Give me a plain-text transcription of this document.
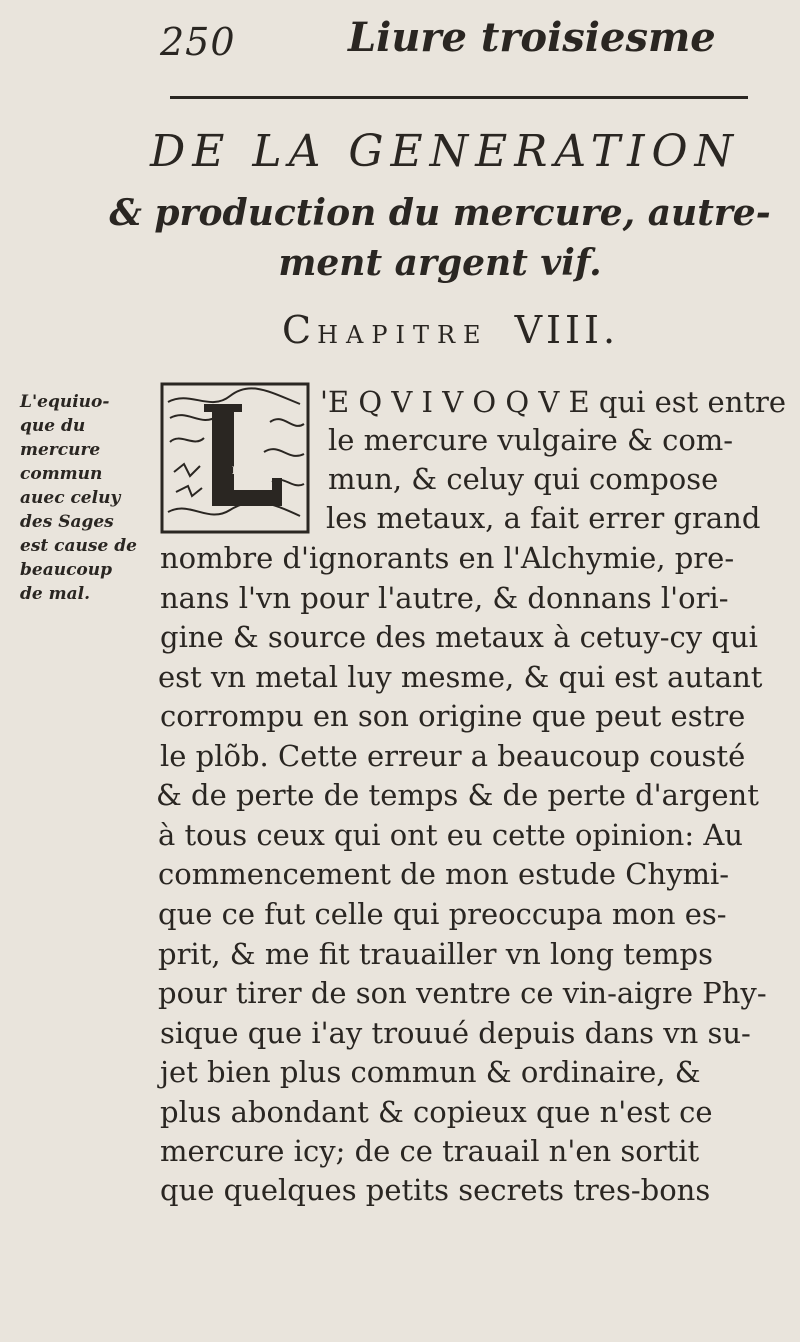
250	Liure troisiesme
DE LA GENERATION
& production du mercure, autre-
ment argent vif.
CHAPITRE VIII.
L'equiuo-
que du
mercure
commun
auec celuy
des Sages
est cause de
beaucoup
de mal.
L
'E Q V I V O Q V E qui est entre
le mercure vulgaire & com-
mun, & celuy qui compose
les metaux, a fait errer grand
nombre d'ignorants en l'Alchymie, pre-
nans l'vn pour l'autre, & donnans l'ori-
gine & source des metaux à cetuy-cy qui
est vn metal luy mesme, & qui est autant
corrompu en son origine que peut estre
le plõb. Cette erreur a beaucoup cousté
& de perte de temps & de perte d'argent
à tous ceux qui ont eu cette opinion: Au
commencement de mon estude Chymi-
que ce fut celle qui preoccupa mon es-
prit, & me fit trauailler vn long temps
pour tirer de son ventre ce vin-aigre Phy-
sique que i'ay trouué depuis dans vn su-
jet bien plus commun & ordinaire, &
plus abondant & copieux que n'est ce
mercure icy; de ce trauail n'en sortit
que quelques petits secrets tres-bons
